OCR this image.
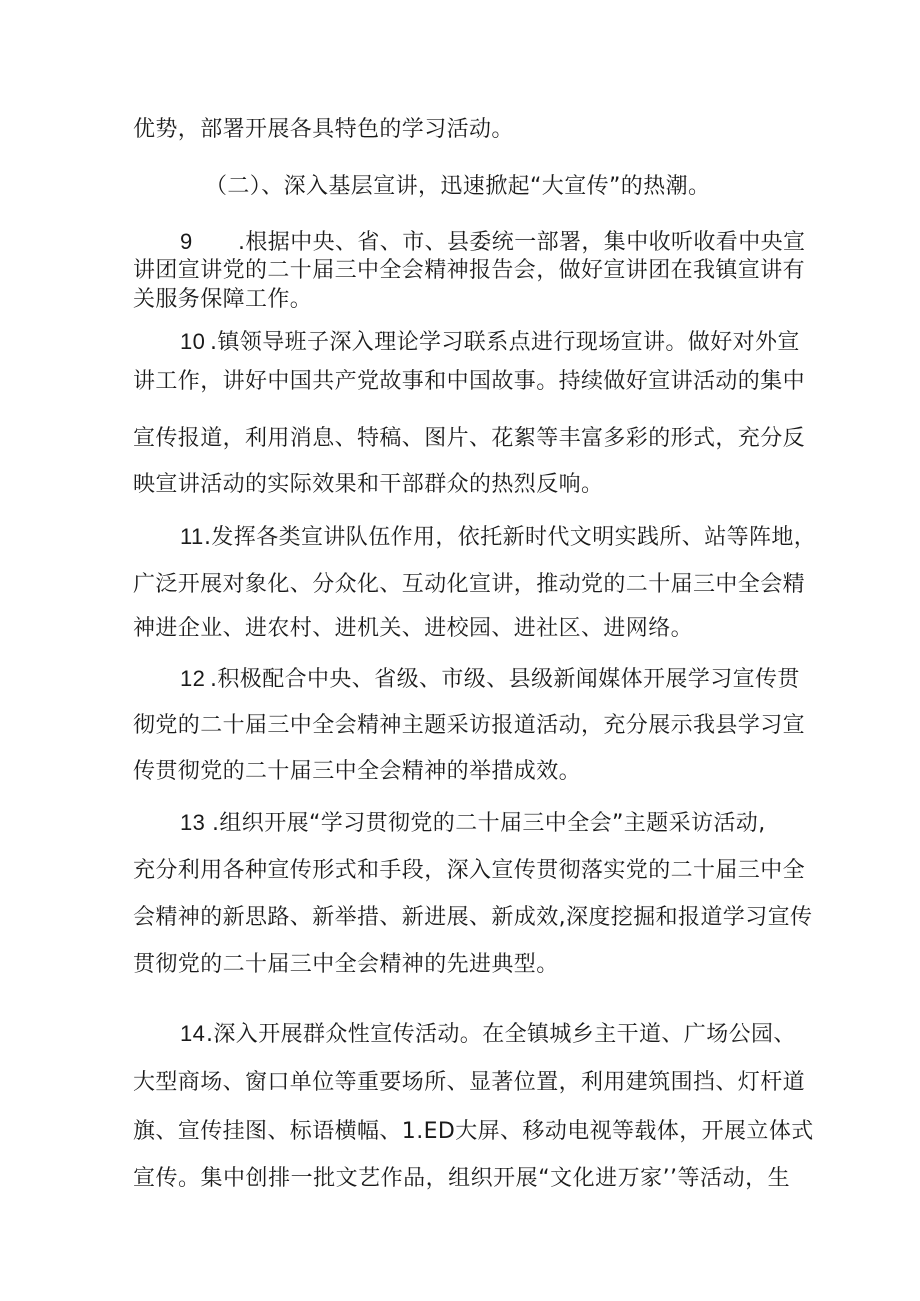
优势，部署开展各具特色的学习活动。
（二）、深入基层宣讲，迅速掀起“大宣传”的热潮。
9 .根据中央、省、市、县委统一部署，集中收听收看中央宣
讲团宣讲党的二十届三中全会精神报告会，做好宣讲团在我镇宣讲有
关服务保障工作。
10 .镇领导班子深入理论学习联系点进行现场宣讲。做好对外宣
讲工作，讲好中国共产党故事和中国故事。持续做好宣讲活动的集中
宣传报道，利用消息、特稿、图片、花絮等丰富多彩的形式，充分反
映宣讲活动的实际效果和干部群众的热烈反响。
11.发挥各类宣讲队伍作用，依托新时代文明实践所、站等阵地，
广泛开展对象化、分众化、互动化宣讲，推动党的二十届三中全会精
神进企业、进农村、进机关、进校园、进社区、进网络。
12 .积极配合中央、省级、市级、县级新闻媒体开展学习宣传贯
彻党的二十届三中全会精神主题采访报道活动，充分展示我县学习宣
传贯彻党的二十届三中全会精神的举措成效。
13 .组织开展“学习贯彻党的二十届三中全会”主题采访活动,
充分利用各种宣传形式和手段，深入宣传贯彻落实党的二十届三中全
会精神的新思路、新举措、新进展、新成效,深度挖掘和报道学习宣传
贯彻党的二十届三中全会精神的先进典型。
14.深入开展群众性宣传活动。在全镇城乡主干道、广场公园、
大型商场、窗口单位等重要场所、显著位置，利用建筑围挡、灯杆道
旗、宣传挂图、标语横幅、1.ED大屏、移动电视等载体，开展立体式
宣传。集中创排一批文艺作品，组织开展“文化进万家’’等活动，生
